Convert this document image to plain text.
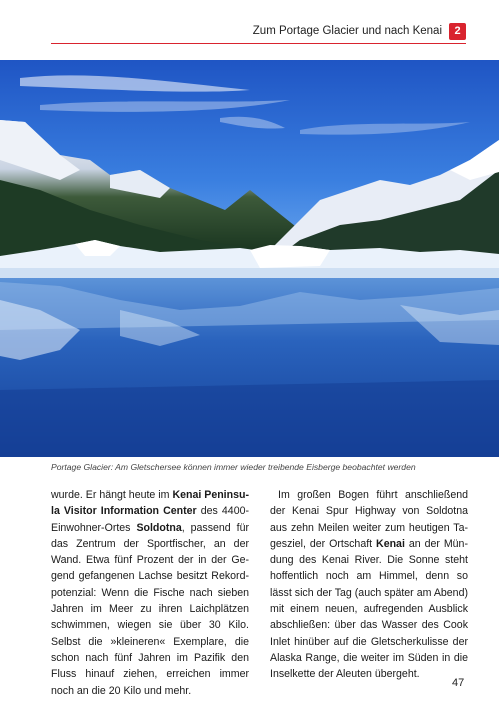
Zum Portage Glacier und nach Kenai	2
Portage Glacier: Am Gletschersee können immer wieder treibende Eisberge beobachtet werden
wurde. Er hängt heute im Kenai Peninsula Visitor Information Center des 4400-Einwohner-Ortes Soldotna, passend für das Zentrum der Sportfischer, an der Wand. Etwa fünf Prozent der in der Gegend gefangenen Lachse besitzt Rekordpotenzial: Wenn die Fische nach sieben Jahren im Meer zu ihren Laichplätzen schwimmen, wiegen sie über 30 Kilo. Selbst die »kleineren« Exemplare, die schon nach fünf Jahren im Pazifik den Fluss hinauf ziehen, erreichen immer noch an die 20 Kilo und mehr.
Im großen Bogen führt anschließend der Kenai Spur Highway von Soldotna aus zehn Meilen weiter zum heutigen Tagesziel, der Ortschaft Kenai an der Mündung des Kenai River. Die Sonne steht hoffentlich noch am Himmel, denn so lässt sich der Tag (auch später am Abend) mit einem neuen, aufregenden Ausblick abschließen: über das Wasser des Cook Inlet hinüber auf die Gletscherkulisse der Alaska Range, die weiter im Süden in die Inselkette der Aleuten übergeht.
47
